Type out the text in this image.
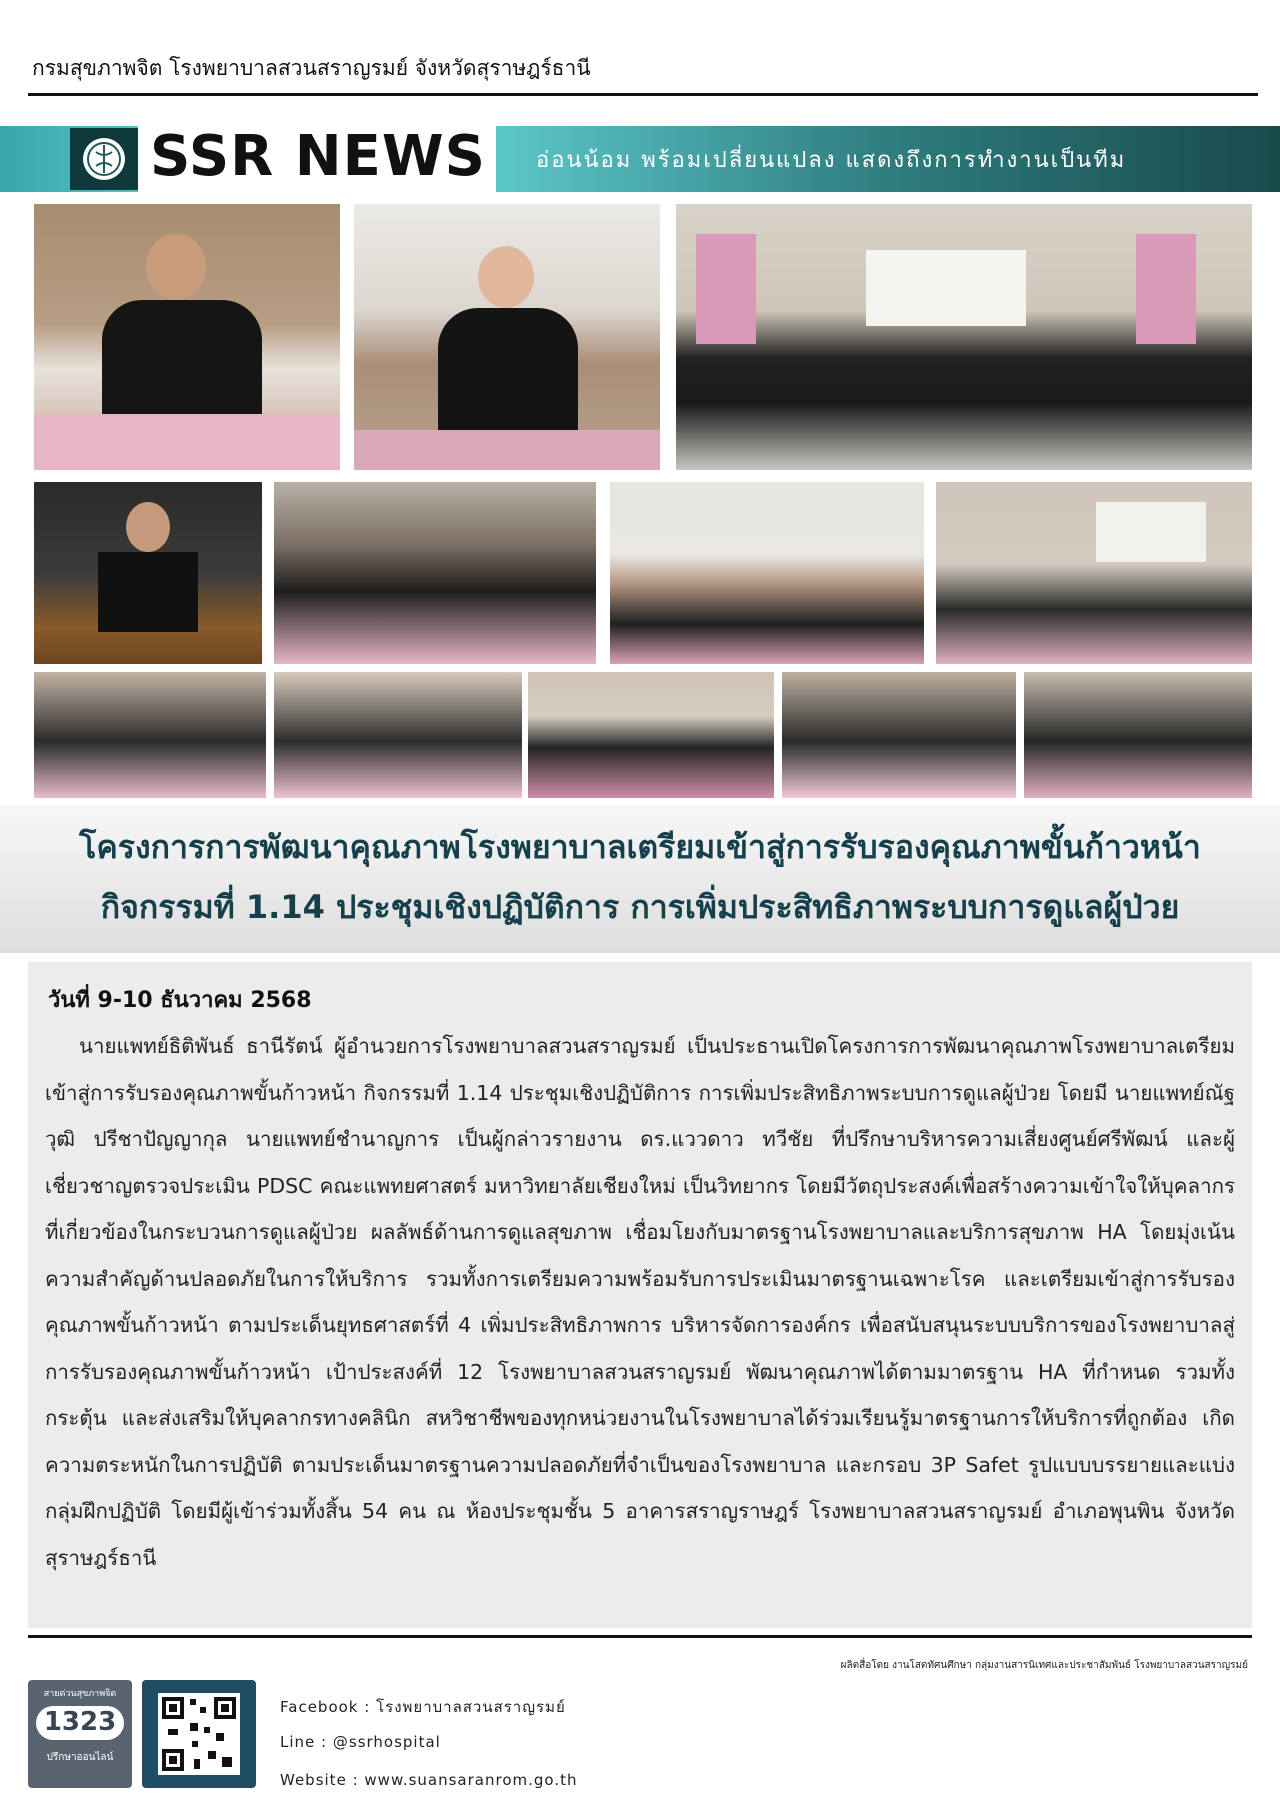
กรมสุขภาพจิต โรงพยาบาลสวนสราญรมย์ จังหวัดสุราษฎร์ธานี
SSR NEWS อ่อนน้อม พร้อมเปลี่ยนแปลง แสดงถึงการทำงานเป็นทีม
โครงการการพัฒนาคุณภาพโรงพยาบาลเตรียมเข้าสู่การรับรองคุณภาพขั้นก้าวหน้า
กิจกรรมที่ 1.14 ประชุมเชิงปฏิบัติการ การเพิ่มประสิทธิภาพระบบการดูแลผู้ป่วย
วันที่ 9-10 ธันวาคม 2568
นายแพทย์ธิติพันธ์ ธานีรัตน์ ผู้อำนวยการโรงพยาบาลสวนสราญรมย์ เป็นประธานเปิดโครงการการพัฒนาคุณภาพโรงพยาบาลเตรียมเข้าสู่การรับรองคุณภาพขั้นก้าวหน้า กิจกรรมที่ 1.14 ประชุมเชิงปฏิบัติการ การเพิ่มประสิทธิภาพระบบการดูแลผู้ป่วย โดยมี นายแพทย์ณัฐวุฒิ ปรีชาปัญญากุล นายแพทย์ชำนาญการ เป็นผู้กล่าวรายงาน ดร.แววดาว ทวีชัย ที่ปรึกษาบริหารความเสี่ยงศูนย์ศรีพัฒน์ และผู้เชี่ยวชาญตรวจประเมิน PDSC คณะแพทยศาสตร์ มหาวิทยาลัยเชียงใหม่ เป็นวิทยากร โดยมีวัตถุประสงค์เพื่อสร้างความเข้าใจให้บุคลากรที่เกี่ยวข้องในกระบวนการดูแลผู้ป่วย ผลลัพธ์ด้านการดูแลสุขภาพ เชื่อมโยงกับมาตรฐานโรงพยาบาลและบริการสุขภาพ HA โดยมุ่งเน้นความสำคัญด้านปลอดภัยในการให้บริการ รวมทั้งการเตรียมความพร้อมรับการประเมินมาตรฐานเฉพาะโรค และเตรียมเข้าสู่การรับรอง คุณภาพขั้นก้าวหน้า ตามประเด็นยุทธศาสตร์ที่ 4 เพิ่มประสิทธิภาพการ บริหารจัดการองค์กร เพื่อสนับสนุนระบบบริการของโรงพยาบาลสู่การรับรองคุณภาพขั้นก้าวหน้า เป้าประสงค์ที่ 12 โรงพยาบาลสวนสราญรมย์ พัฒนาคุณภาพได้ตามมาตรฐาน HA ที่กำหนด รวมทั้ง กระตุ้น และส่งเสริมให้บุคลากรทางคลินิก สหวิชาชีพของทุกหน่วยงานในโรงพยาบาลได้ร่วมเรียนรู้มาตรฐานการให้บริการที่ถูกต้อง เกิดความตระหนักในการปฏิบัติ ตามประเด็นมาตรฐานความปลอดภัยที่จำเป็นของโรงพยาบาล และกรอบ 3P Safet รูปแบบบรรยายและแบ่งกลุ่มฝึกปฏิบัติ โดยมีผู้เข้าร่วมทั้งสิ้น 54 คน ณ ห้องประชุมชั้น 5 อาคารสราญราษฎร์ โรงพยาบาลสวนสราญรมย์ อำเภอพุนพิน จังหวัดสุราษฎร์ธานี
ผลิตสื่อโดย งานโสตทัศนศึกษา กลุ่มงานสารนิเทศและประชาสัมพันธ์ โรงพยาบาลสวนสราญรมย์
สายด่วนสุขภาพจิต
1323
ปรึกษาออนไลน์
Facebook : โรงพยาบาลสวนสราญรมย์
Line : @ssrhospital
Website : www.suansaranrom.go.th
